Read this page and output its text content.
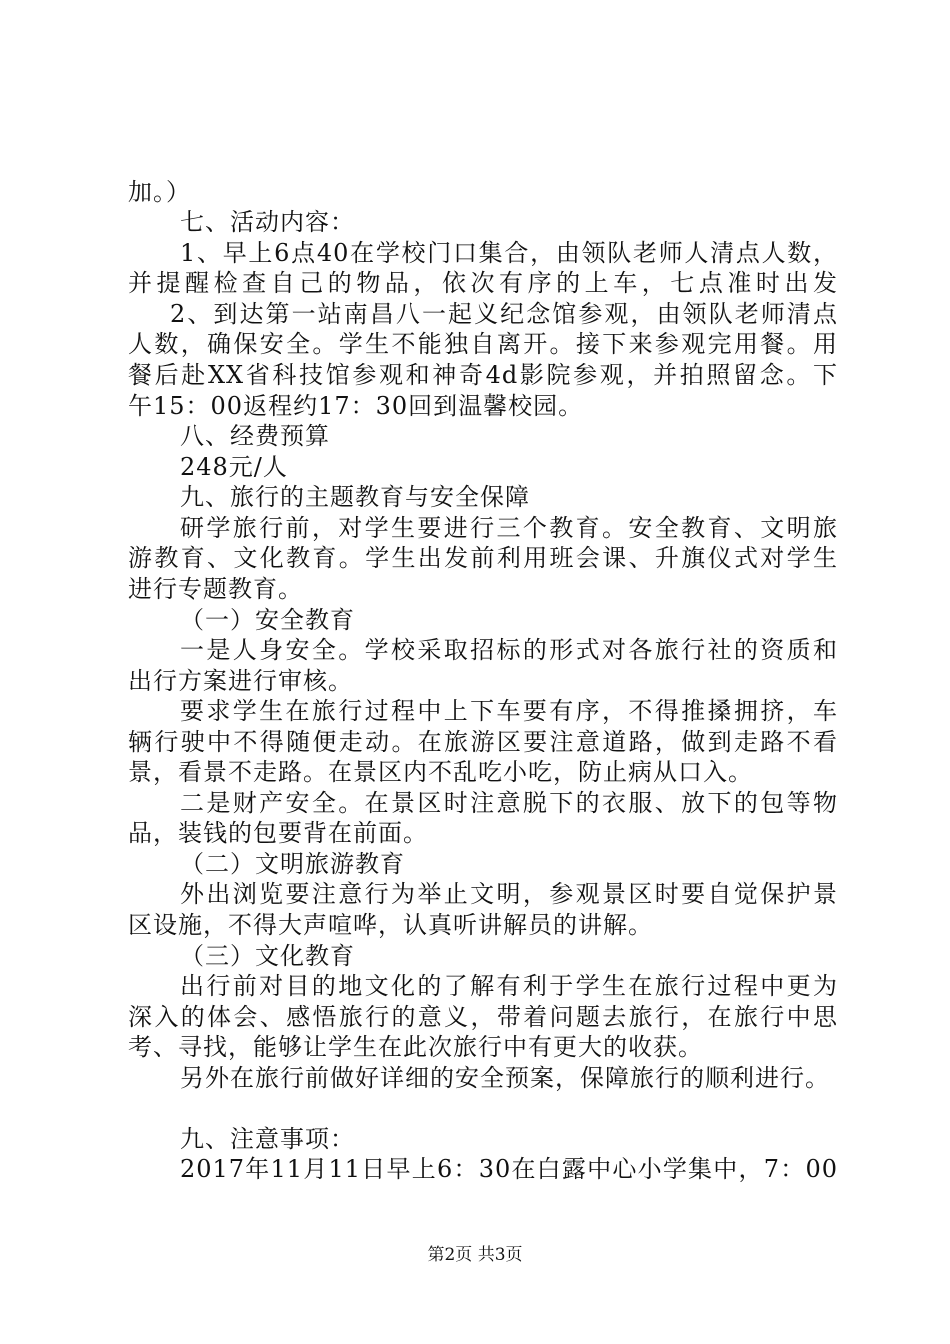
加。）
七、活动内容：
1、早上6点40在学校门口集合，由领队老师人清点人数，
并提醒检查自己的物品，依次有序的上车，七点准时出发
2、到达第一站南昌八一起义纪念馆参观，由领队老师清点
人数，确保安全。学生不能独自离开。接下来参观完用餐。用
餐后赴XX省科技馆参观和神奇4d影院参观，并拍照留念。下
午15：00返程约17：30回到温馨校园。
八、经费预算
248元/人
九、旅行的主题教育与安全保障
研学旅行前，对学生要进行三个教育。安全教育、文明旅
游教育、文化教育。学生出发前利用班会课、升旗仪式对学生
进行专题教育。
（一）安全教育
一是人身安全。学校采取招标的形式对各旅行社的资质和
出行方案进行审核。
要求学生在旅行过程中上下车要有序，不得推搡拥挤，车
辆行驶中不得随便走动。在旅游区要注意道路，做到走路不看
景，看景不走路。在景区内不乱吃小吃，防止病从口入。
二是财产安全。在景区时注意脱下的衣服、放下的包等物
品，装钱的包要背在前面。
（二）文明旅游教育
外出浏览要注意行为举止文明，参观景区时要自觉保护景
区设施，不得大声喧哗，认真听讲解员的讲解。
（三）文化教育
出行前对目的地文化的了解有利于学生在旅行过程中更为
深入的体会、感悟旅行的意义，带着问题去旅行，在旅行中思
考、寻找，能够让学生在此次旅行中有更大的收获。
另外在旅行前做好详细的安全预案，保障旅行的顺利进行。
九、注意事项：
2017年11月11日早上6：30在白露中心小学集中，7：00
第2页 共3页
